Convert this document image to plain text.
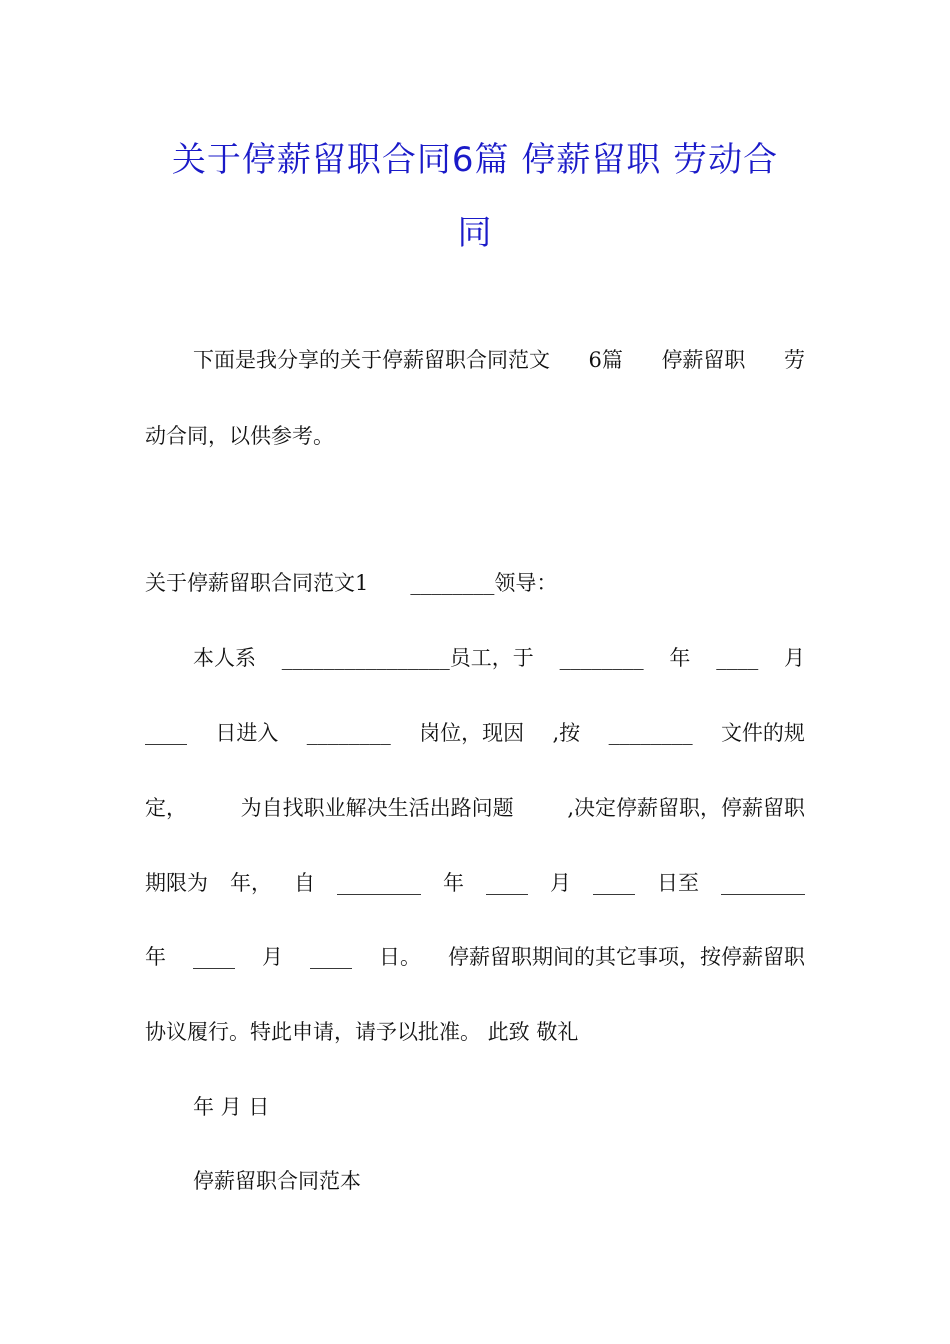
关于停薪留职合同6篇 停薪留职 劳动合
同
下面是我分享的关于停薪留职合同范文 6篇 停薪留职 劳
动合同，以供参考。
关于停薪留职合同范文1　　________领导：
本人系 ________________员工，于 ________ 年 ____ 月
____ 日进入 ________ 岗位，现因 ,按 ________ 文件的规
定，	为自找职业解决生活出路问题	,决定停薪留职，停薪留职
期限为 年， 自 ________ 年 ____ 月 ____ 日至 ________
年 ____ 月 ____ 日。 停薪留职期间的其它事项，按停薪留职
协议履行。特此申请，请予以批准。 此致 敬礼
年 月 日
停薪留职合同范本
